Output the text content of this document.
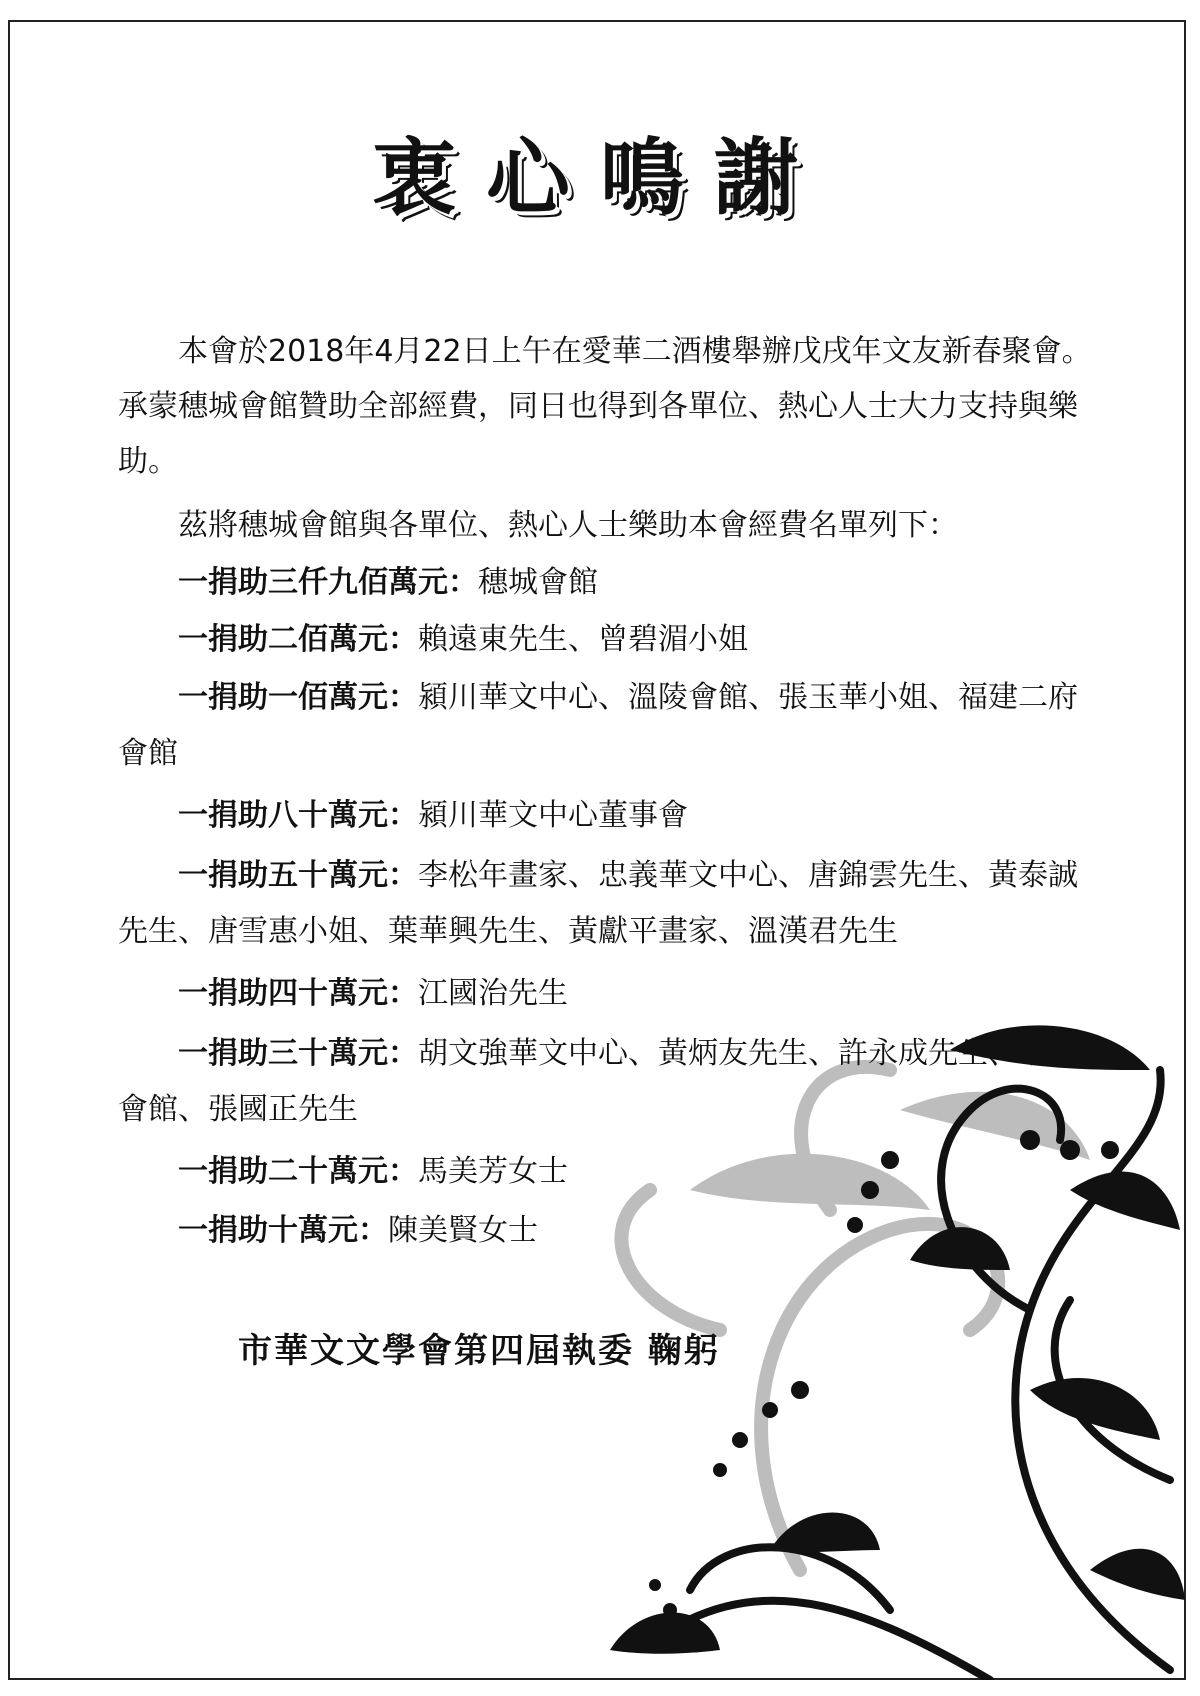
衷心鳴謝
本會於2018年4月22日上午在愛華二酒樓舉辦戊戌年文友新春聚會。承蒙穗城會館贊助全部經費，同日也得到各單位、熱心人士大力支持與樂助。
茲將穗城會館與各單位、熱心人士樂助本會經費名單列下：
一捐助三仟九佰萬元：穗城會館
一捐助二佰萬元：賴遠東先生、曾碧湄小姐
一捐助一佰萬元：潁川華文中心、溫陵會館、張玉華小姐、福建二府會館
一捐助八十萬元：潁川華文中心董事會
一捐助五十萬元：李松年畫家、忠義華文中心、唐錦雲先生、黃泰誠先生、唐雪惠小姐、葉華興先生、黃獻平畫家、溫漢君先生
一捐助四十萬元：江國治先生
一捐助三十萬元：胡文強華文中心、黃炳友先生、許永成先生、永春會館、張國正先生
一捐助二十萬元：馬美芳女士
一捐助十萬元：陳美賢女士
市華文文學會第四屆執委 鞠躬
